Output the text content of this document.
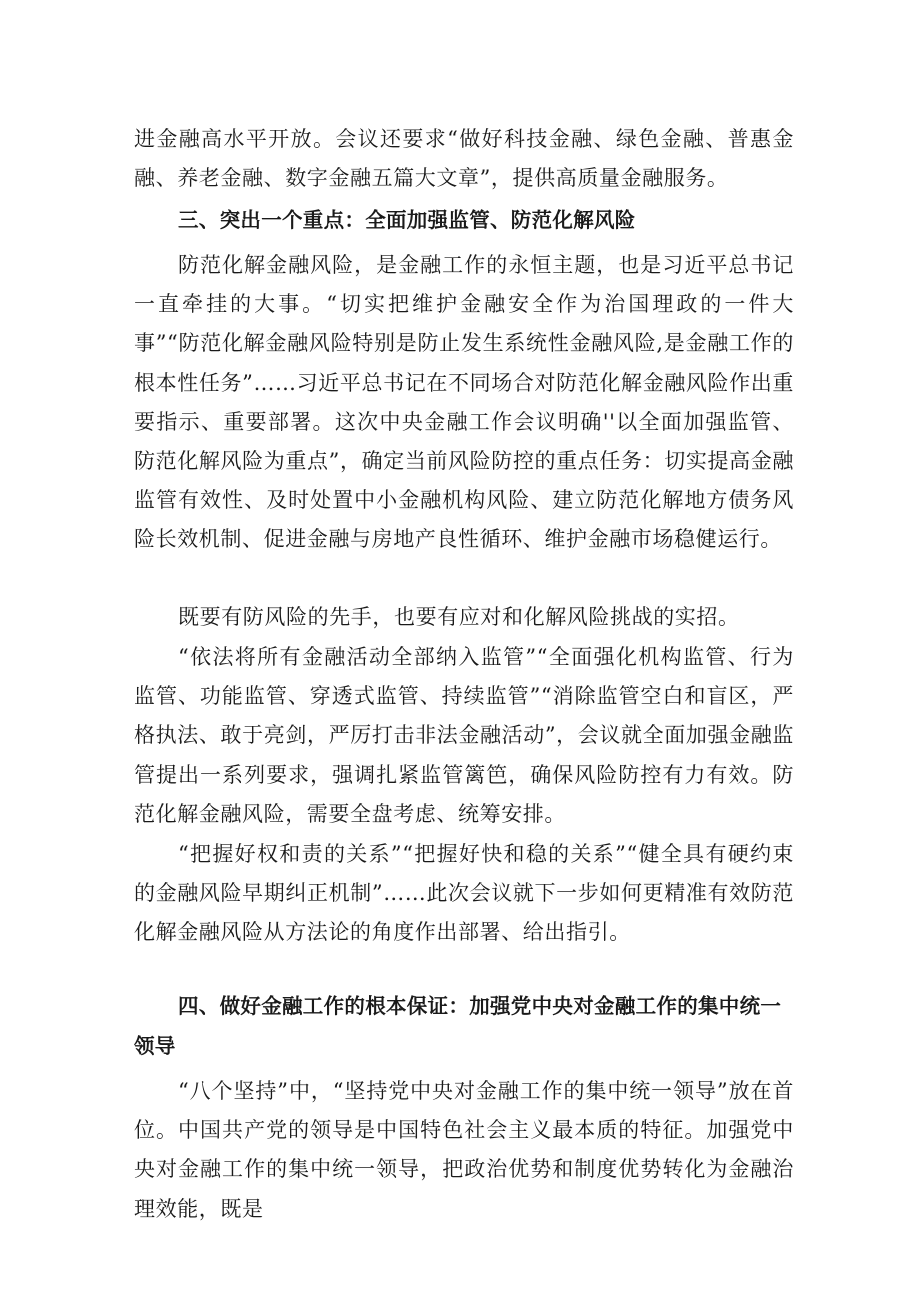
进金融高水平开放。会议还要求“做好科技金融、绿色金融、普惠金融、养老金融、数字金融五篇大文章”，提供高质量金融服务。

三、突出一个重点：全面加强监管、防范化解风险

防范化解金融风险，是金融工作的永恒主题，也是习近平总书记一直牵挂的大事。“切实把维护金融安全作为治国理政的一件大事”“防范化解金融风险特别是防止发生系统性金融风险,是金融工作的根本性任务”……习近平总书记在不同场合对防范化解金融风险作出重要指示、重要部署。这次中央金融工作会议明确''以全面加强监管、防范化解风险为重点”，确定当前风险防控的重点任务：切实提高金融监管有效性、及时处置中小金融机构风险、建立防范化解地方债务风险长效机制、促进金融与房地产良性循环、维护金融市场稳健运行。

既要有防风险的先手，也要有应对和化解风险挑战的实招。

“依法将所有金融活动全部纳入监管”“全面强化机构监管、行为监管、功能监管、穿透式监管、持续监管”“消除监管空白和盲区，严格执法、敢于亮剑，严厉打击非法金融活动”，会议就全面加强金融监管提出一系列要求，强调扎紧监管篱笆，确保风险防控有力有效。防范化解金融风险，需要全盘考虑、统筹安排。

“把握好权和责的关系”“把握好快和稳的关系”“健全具有硬约束的金融风险早期纠正机制”……此次会议就下一步如何更精准有效防范化解金融风险从方法论的角度作出部署、给出指引。

四、做好金融工作的根本保证：加强党中央对金融工作的集中统一领导

“八个坚持”中，“坚持党中央对金融工作的集中统一领导”放在首位。中国共产党的领导是中国特色社会主义最本质的特征。加强党中央对金融工作的集中统一领导，把政治优势和制度优势转化为金融治理效能，既是
